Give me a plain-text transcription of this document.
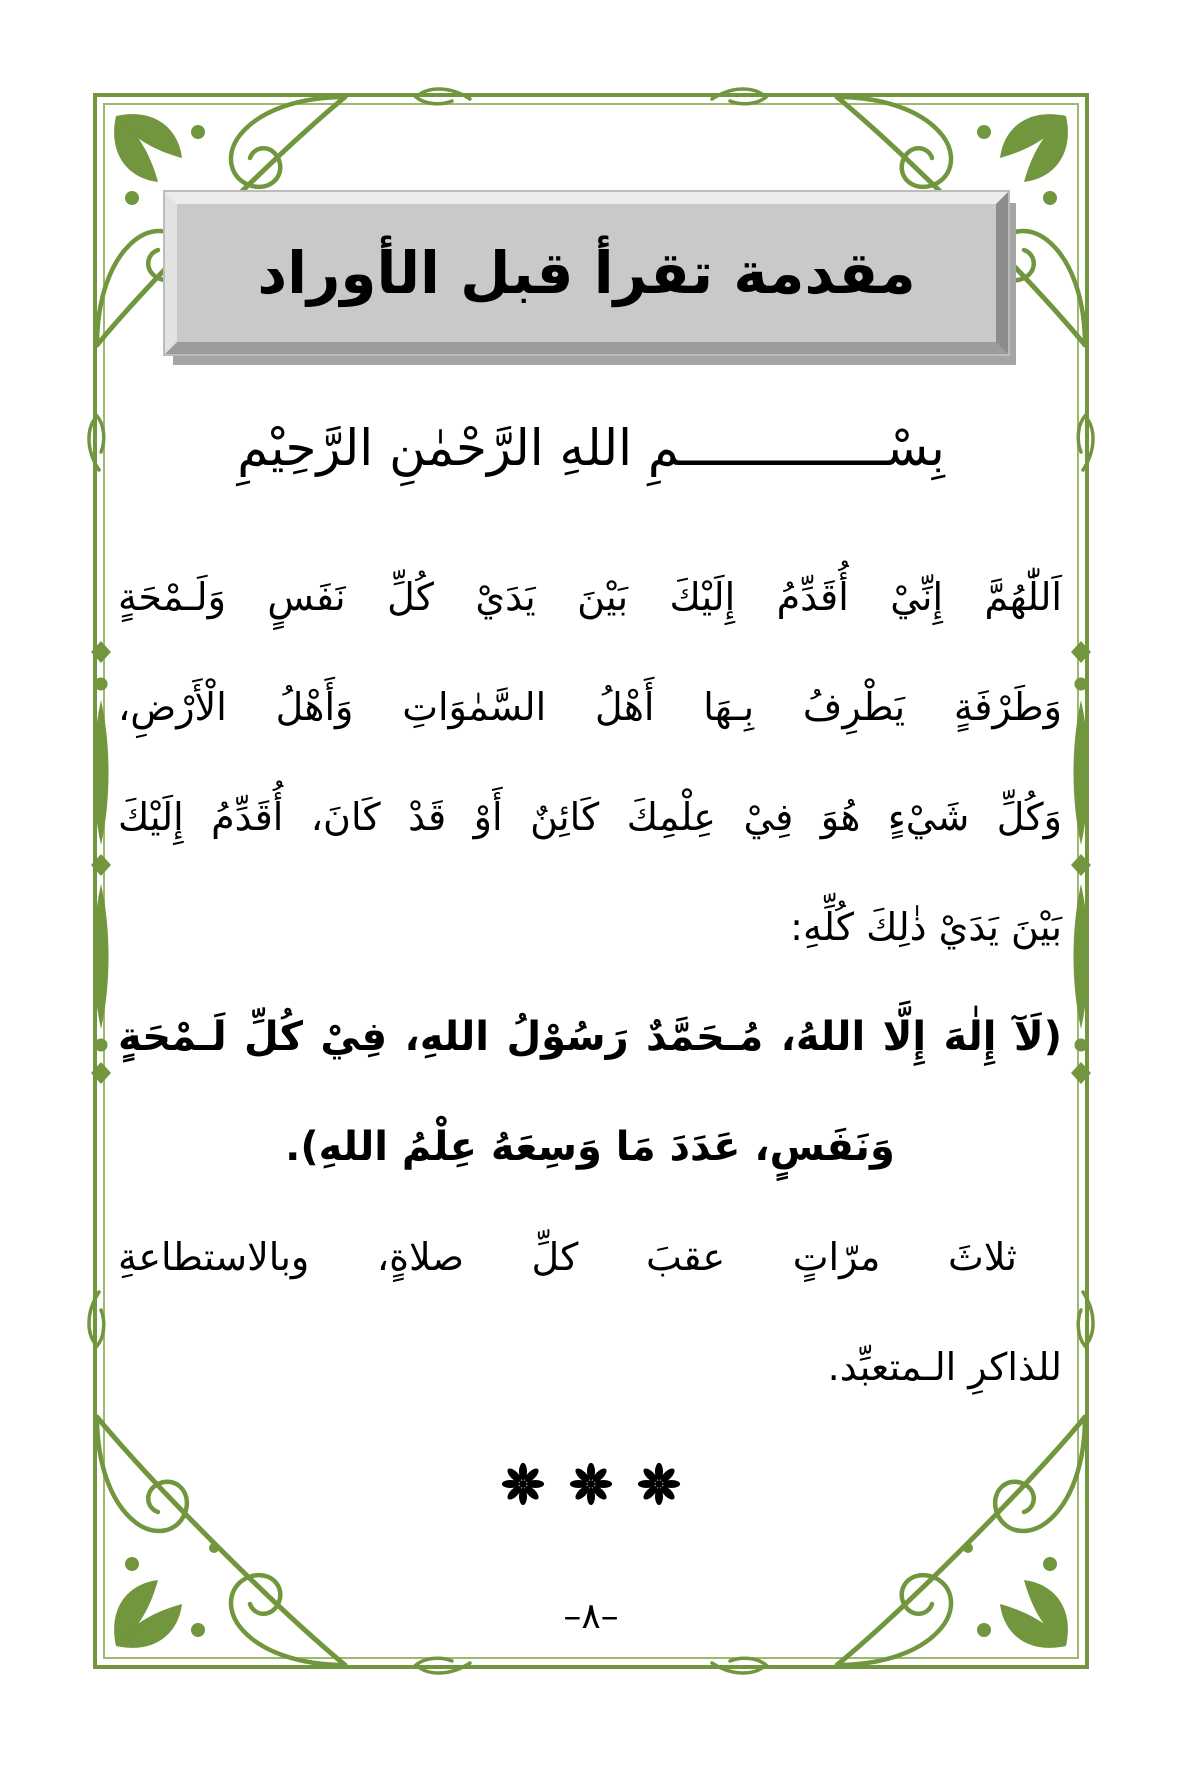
مقدمة تقرأ قبل الأوراد
بِسْــــــــــــــمِ اللهِ الرَّحْمٰنِ الرَّحِيْمِ
اَللّٰهُمَّ إِنِّيْ أُقَدِّمُ إِلَيْكَ بَيْنَ يَدَيْ كُلِّ نَفَسٍ وَلَـمْحَةٍ
وَطَرْفَةٍ يَطْرِفُ بِـهَا أَهْلُ السَّمٰوَاتِ وَأَهْلُ الْأَرْضِ،
وَكُلِّ شَيْءٍ هُوَ فِيْ عِلْمِكَ كَائِنٌ أَوْ قَدْ كَانَ، أُقَدِّمُ إِلَيْكَ
بَيْنَ يَدَيْ ذٰلِكَ كُلِّهِ:
(لَآ إِلٰهَ إِلَّا اللهُ، مُـحَمَّدٌ رَسُوْلُ اللهِ، فِيْ كُلِّ لَـمْحَةٍ
وَنَفَسٍ، عَدَدَ مَا وَسِعَهُ عِلْمُ اللهِ).
ثلاثَ مرّاتٍ عقبَ كلِّ صلاةٍ، وبالاستطاعةِ
للذاكرِ الـمتعبِّد.
–٨–
